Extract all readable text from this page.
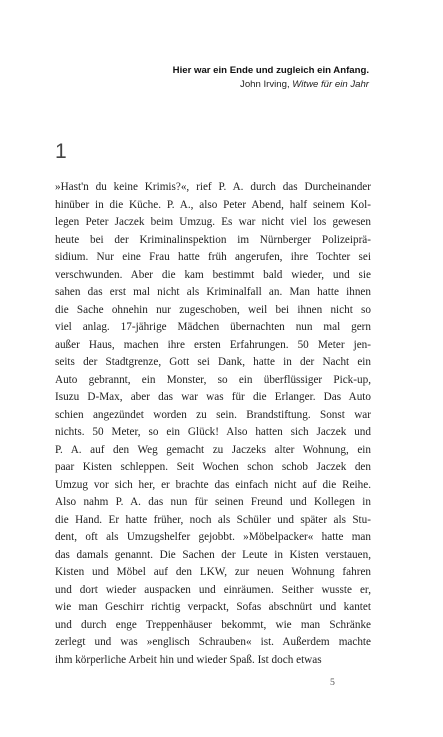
Hier war ein Ende und zugleich ein Anfang.
John Irving, Witwe für ein Jahr
1
»Hast'n du keine Krimis?«, rief P. A. durch das Durcheinander
hinüber in die Küche. P. A., also Peter Abend, half seinem Kol-
legen Peter Jaczek beim Umzug. Es war nicht viel los gewesen
heute bei der Kriminalinspektion im Nürnberger Polizeiprä-
sidium. Nur eine Frau hatte früh angerufen, ihre Tochter sei
verschwunden. Aber die kam bestimmt bald wieder, und sie
sahen das erst mal nicht als Kriminalfall an. Man hatte ihnen
die Sache ohnehin nur zugeschoben, weil bei ihnen nicht so
viel anlag. 17-jährige Mädchen übernachten nun mal gern
außer Haus, machen ihre ersten Erfahrungen. 50 Meter jen-
seits der Stadtgrenze, Gott sei Dank, hatte in der Nacht ein
Auto gebrannt, ein Monster, so ein überflüssiger Pick-up,
Isuzu D-Max, aber das war was für die Erlanger. Das Auto
schien angezündet worden zu sein. Brandstiftung. Sonst war
nichts. 50 Meter, so ein Glück! Also hatten sich Jaczek und
P. A. auf den Weg gemacht zu Jaczeks alter Wohnung, ein
paar Kisten schleppen. Seit Wochen schon schob Jaczek den
Umzug vor sich her, er brachte das einfach nicht auf die Reihe.
Also nahm P. A. das nun für seinen Freund und Kollegen in
die Hand. Er hatte früher, noch als Schüler und später als Stu-
dent, oft als Umzugshelfer gejobbt. »Möbelpacker« hatte man
das damals genannt. Die Sachen der Leute in Kisten verstauen,
Kisten und Möbel auf den LKW, zur neuen Wohnung fahren
und dort wieder auspacken und einräumen. Seither wusste er,
wie man Geschirr richtig verpackt, Sofas abschnürt und kantet
und durch enge Treppenhäuser bekommt, wie man Schränke
zerlegt und was »englisch Schrauben« ist. Außerdem machte
ihm körperliche Arbeit hin und wieder Spaß. Ist doch etwas
5
